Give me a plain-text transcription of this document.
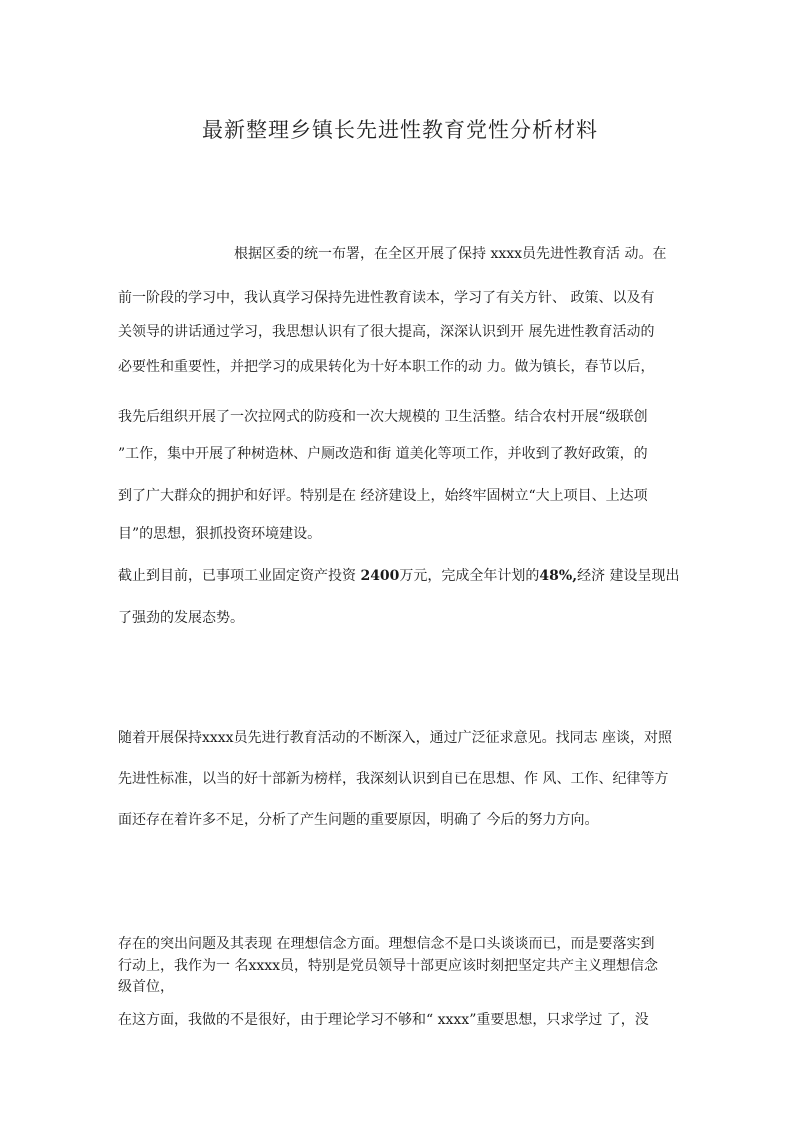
最新整理乡镇长先进性教育党性分析材料
根据区委的统一布署，在全区开展了保持 xxxx员先进性教育活 动。在
前一阶段的学习中，我认真学习保持先进性教育读本，学习了有关方针、 政策、以及有
关领导的讲话通过学习，我思想认识有了很大提高，深深认识到开 展先进性教育活动的
必要性和重要性，并把学习的成果转化为十好本职工作的动 力。做为镇长，春节以后，
我先后组织开展了一次拉网式的防疫和一次大规模的 卫生活整。结合农村开展“级联创
”工作，集中开展了种树造林、户厕改造和街 道美化等项工作，并收到了教好政策，的
到了广大群众的拥护和好评。特别是在 经济建设上，始终牢固树立“大上项目、上达项
目”的思想，狠抓投资环境建设。
截止到目前，已事项工业固定资产投资 2400万元，完成全年计划的48%,经济 建设呈现出
了强劲的发展态势。
随着开展保持xxxx员先进行教育活动的不断深入，通过广泛征求意见。找同志 座谈，对照
先进性标准，以当的好十部新为榜样，我深刻认识到自已在思想、作 风、工作、纪律等方
面还存在着许多不足，分析了产生问题的重要原因，明确了 今后的努力方向。
存在的突出问题及其表现 在理想信念方面。理想信念不是口头谈谈而已，而是要落实到
行动上，我作为一 名xxxx员，特别是党员领导十部更应该时刻把坚定共产主义理想信念
级首位，
在这方面，我做的不是很好，由于理论学习不够和“ xxxx”重要思想，只求学过 了，没
